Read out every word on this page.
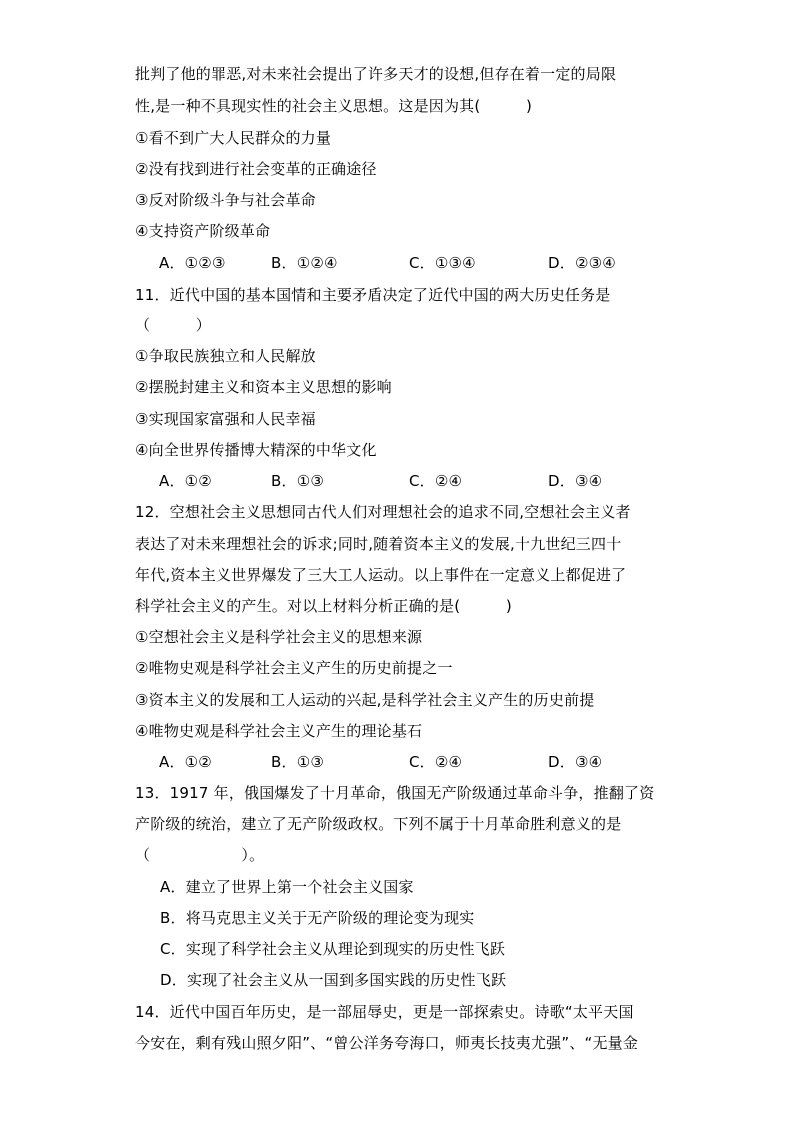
批判了他的罪恶,对未来社会提出了许多天才的设想,但存在着一定的局限
性,是一种不具现实性的社会主义思想。这是因为其(　　　)
①看不到广大人民群众的力量
②没有找到进行社会变革的正确途径
③反对阶级斗争与社会革命
④支持资产阶级革命
A．①②③	B．①②④	C．①③④	D．②③④
11．近代中国的基本国情和主要矛盾决定了近代中国的两大历史任务是
（　　　）
①争取民族独立和人民解放
②摆脱封建主义和资本主义思想的影响
③实现国家富强和人民幸福
④向全世界传播博大精深的中华文化
A．①②	B．①③	C．②④	D．③④
12．空想社会主义思想同古代人们对理想社会的追求不同,空想社会主义者
表达了对未来理想社会的诉求;同时,随着资本主义的发展,十九世纪三四十
年代,资本主义世界爆发了三大工人运动。以上事件在一定意义上都促进了
科学社会主义的产生。对以上材料分析正确的是(　　　)
①空想社会主义是科学社会主义的思想来源
②唯物史观是科学社会主义产生的历史前提之一
③资本主义的发展和工人运动的兴起,是科学社会主义产生的历史前提
④唯物史观是科学社会主义产生的理论基石
A．①②	B．①③	C．②④	D．③④
13．1917 年，俄国爆发了十月革命，俄国无产阶级通过革命斗争，推翻了资
产阶级的统治，建立了无产阶级政权。下列不属于十月革命胜利意义的是
（　　　　　　）。
A．建立了世界上第一个社会主义国家
B．将马克思主义关于无产阶级的理论变为现实
C．实现了科学社会主义从理论到现实的历史性飞跃
D．实现了社会主义从一国到多国实践的历史性飞跃
14．近代中国百年历史，是一部屈辱史，更是一部探索史。诗歌“太平天国
今安在，剩有残山照夕阳”、“曾公洋务夸海口，师夷长技夷尤强”、“无量金
